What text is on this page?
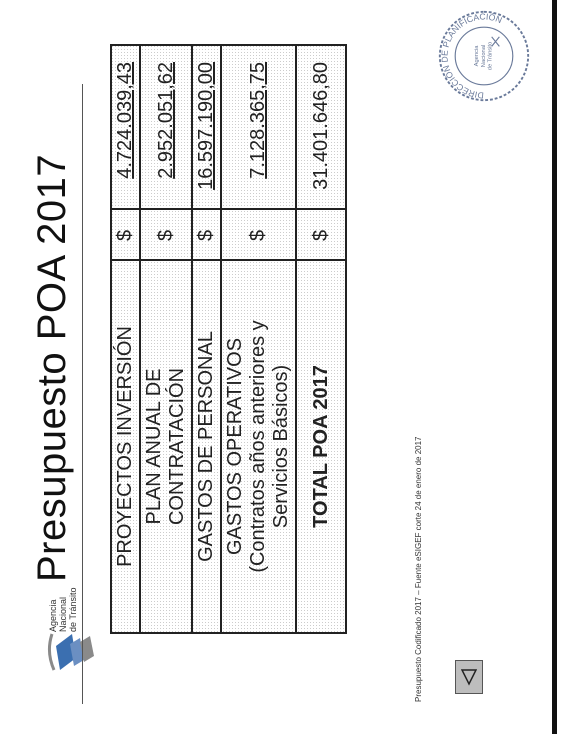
Agencia Nacional de Tránsito
Presupuesto POA 2017 PROYECTOS INVERSIÓN	$	4.724.039,43

PLAN ANUAL DE CONTRATACIÓN	$	2.952.051,62

GASTOS DE PERSONAL	$	16.597.190,00

GASTOS OPERATIVOS (Contratos años anteriores y Servicios Básicos)	$	7.128.365,75
TOTAL POA 2017	$	31.401.646,80
Presupuesto Codificado 2017 – Fuente eSIGEF corte 24 de enero de 2017
DIRECCIÓN DE PLANIFICACIÓN
Agencia Nacional de Tránsito
